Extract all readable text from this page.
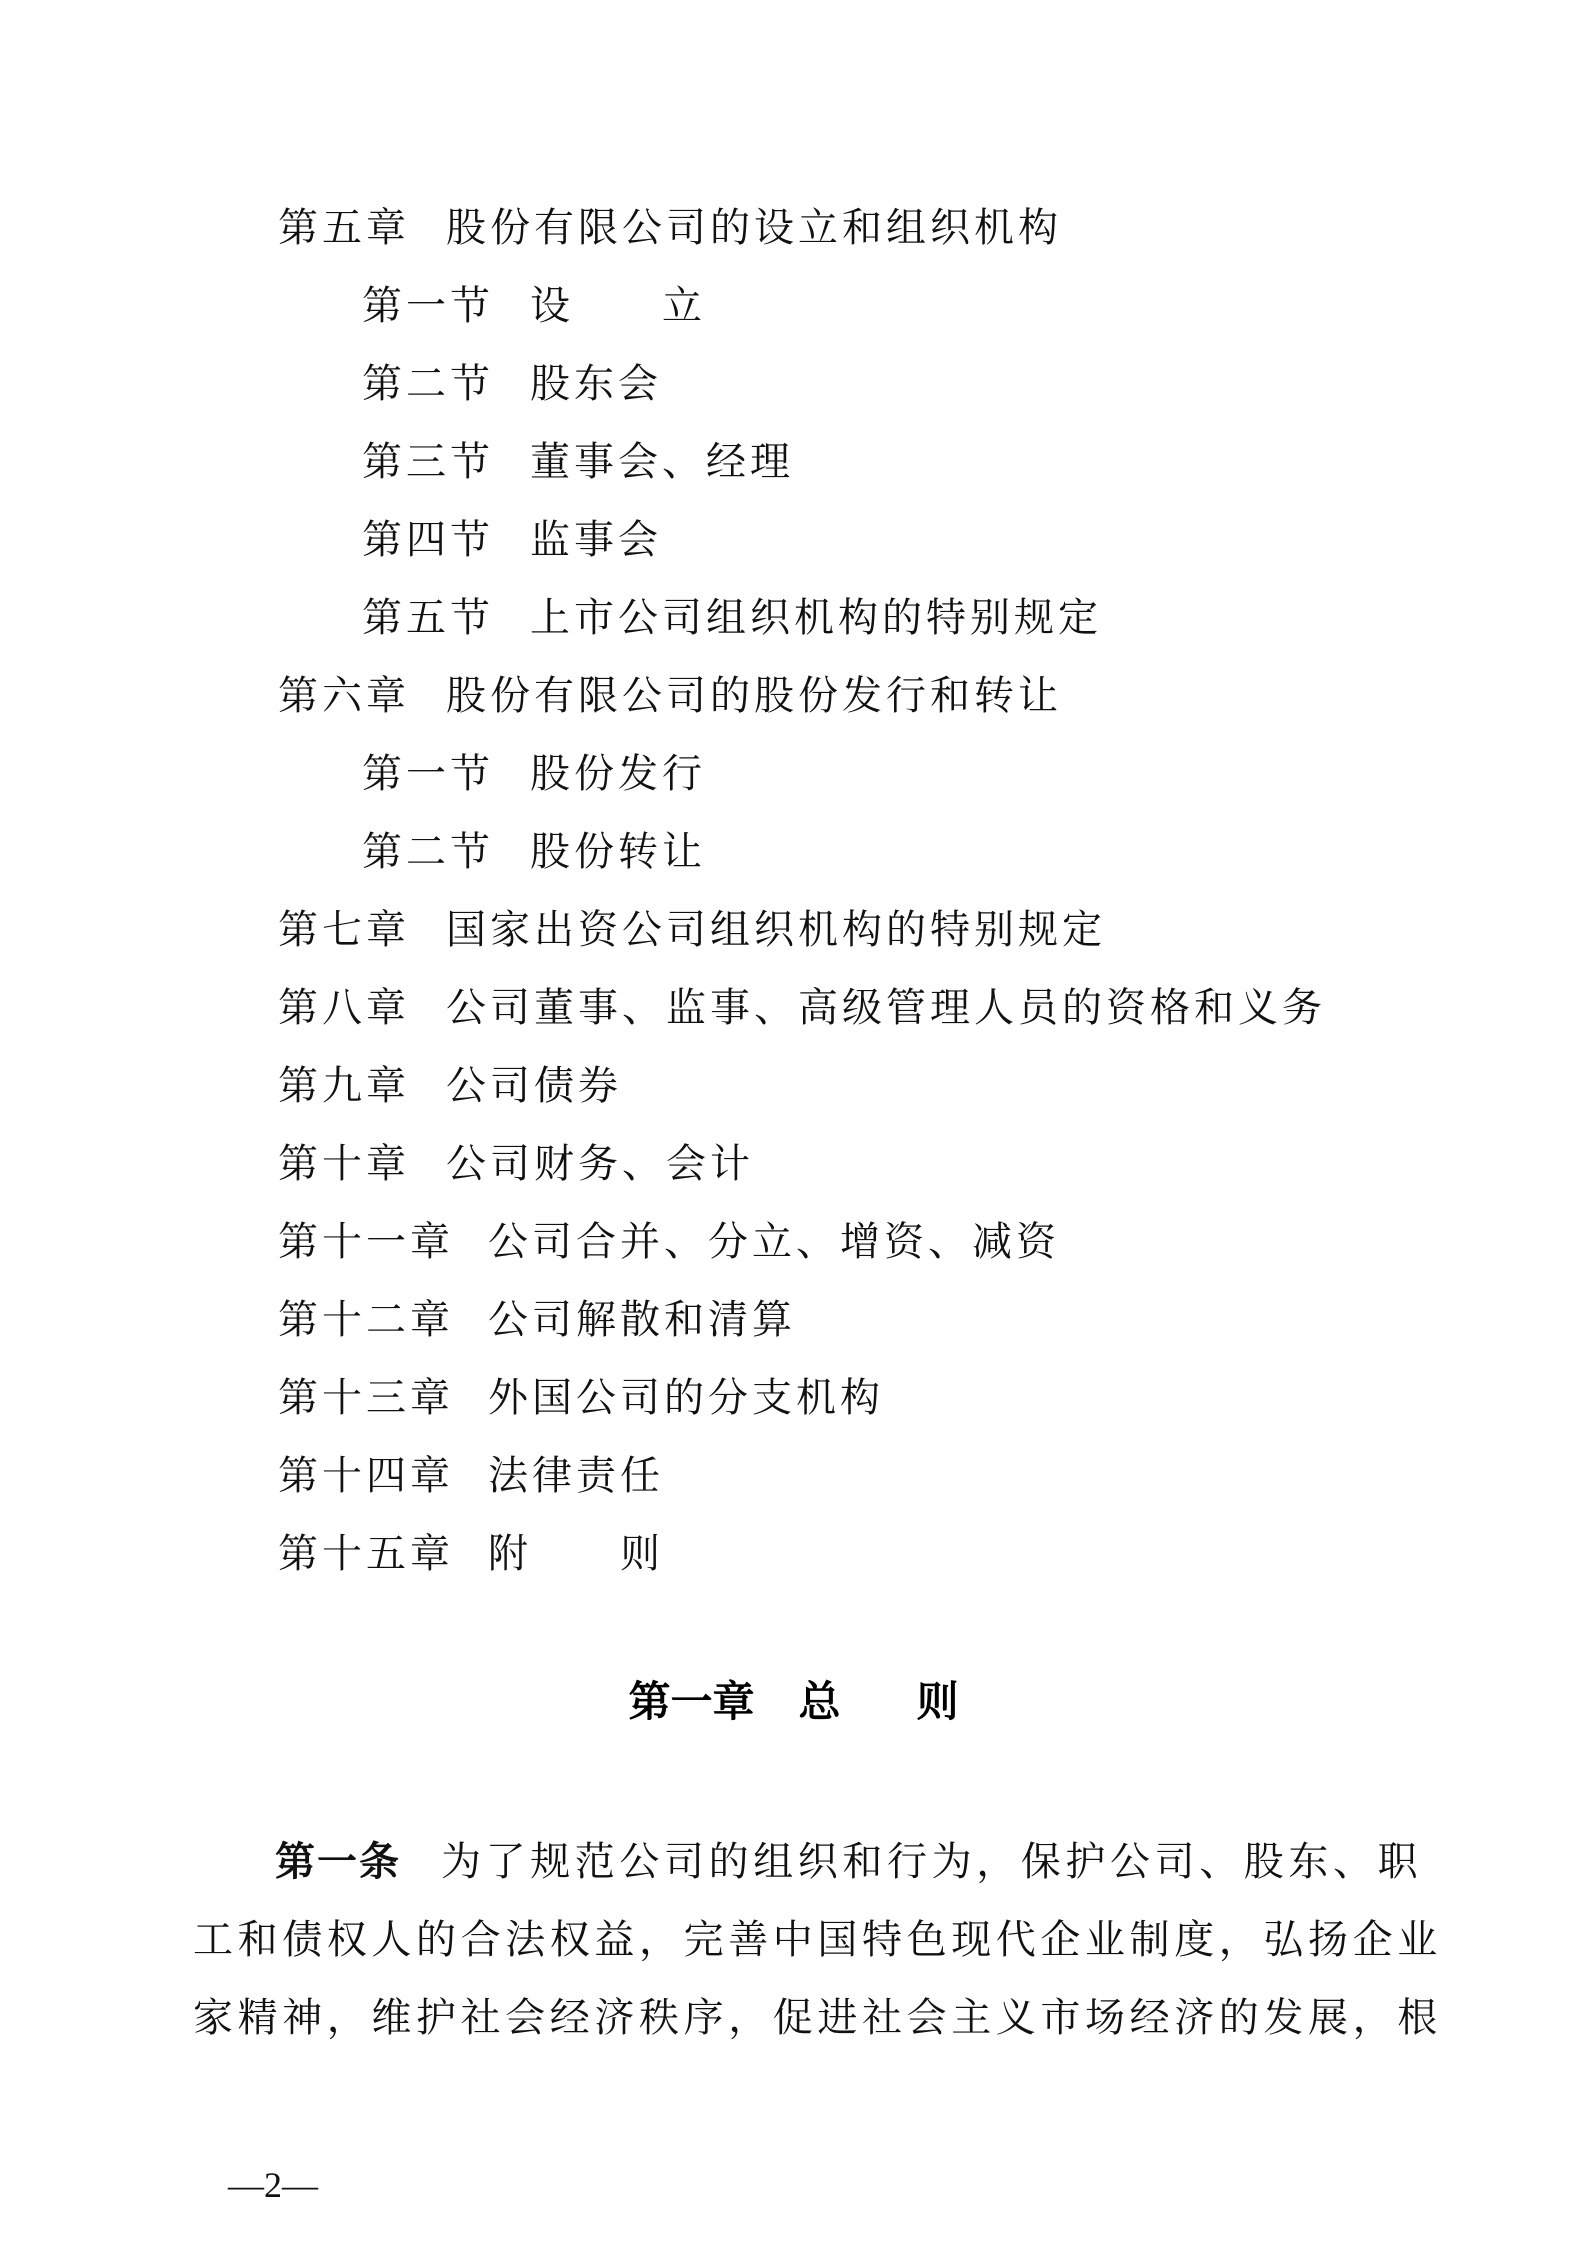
第五章 股份有限公司的设立和组织机构
第一节 设　　立
第二节 股东会
第三节 董事会、经理
第四节 监事会
第五节 上市公司组织机构的特别规定
第六章 股份有限公司的股份发行和转让
第一节 股份发行
第二节 股份转让
第七章 国家出资公司组织机构的特别规定
第八章 公司董事、监事、高级管理人员的资格和义务
第九章 公司债券
第十章 公司财务、会计
第十一章 公司合并、分立、增资、减资
第十二章 公司解散和清算
第十三章 外国公司的分支机构
第十四章 法律责任
第十五章 附　　则
第一章 总 则
第一条 为了规范公司的组织和行为，保护公司、股东、职
工和债权人的合法权益，完善中国特色现代企业制度，弘扬企业
家精神，维护社会经济秩序，促进社会主义市场经济的发展，根
—2—
